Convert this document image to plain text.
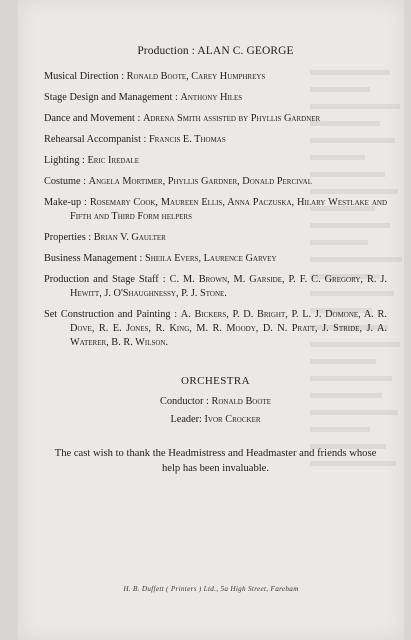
Production : ALAN C. GEORGE
Musical Direction : Ronald Boote, Carey Humphreys
Stage Design and Management : Anthony Hiles
Dance and Movement : Adrena Smith assisted by Phyllis Gardner
Rehearsal Accompanist : Francis E. Thomas
Lighting : Eric Iredale
Costume : Angela Mortimer, Phyllis Gardner, Donald Percival
Make-up : Rosemary Cook, Maureen Ellis, Anna Paczuska, Hilary Westlake and Fifth and Third Form helpers
Properties : Brian V. Gaulter
Business Management : Sheila Evers, Laurence Garvey
Production and Stage Staff : C. M. Brown, M. Garside, P. F. C. Gregory, R. J. Hewitt, J. O'Shaughnessy, P. J. Stone.
Set Construction and Painting : A. Bickers, P. D. Bright, P. L. J. Domone, A. R. Dove, R. E. Jones, R. King, M. R. Moody, D. N. Pratt, J. Stride, J. A. Waterer, B. R. Wilson.
ORCHESTRA
Conductor : Ronald Boote
Leader: Ivor Crocker
The cast wish to thank the Headmistress and Headmaster and friends whose help has been invaluable.
H. B. Duffett ( Printers ) Ltd., 5a High Street, Fareham
